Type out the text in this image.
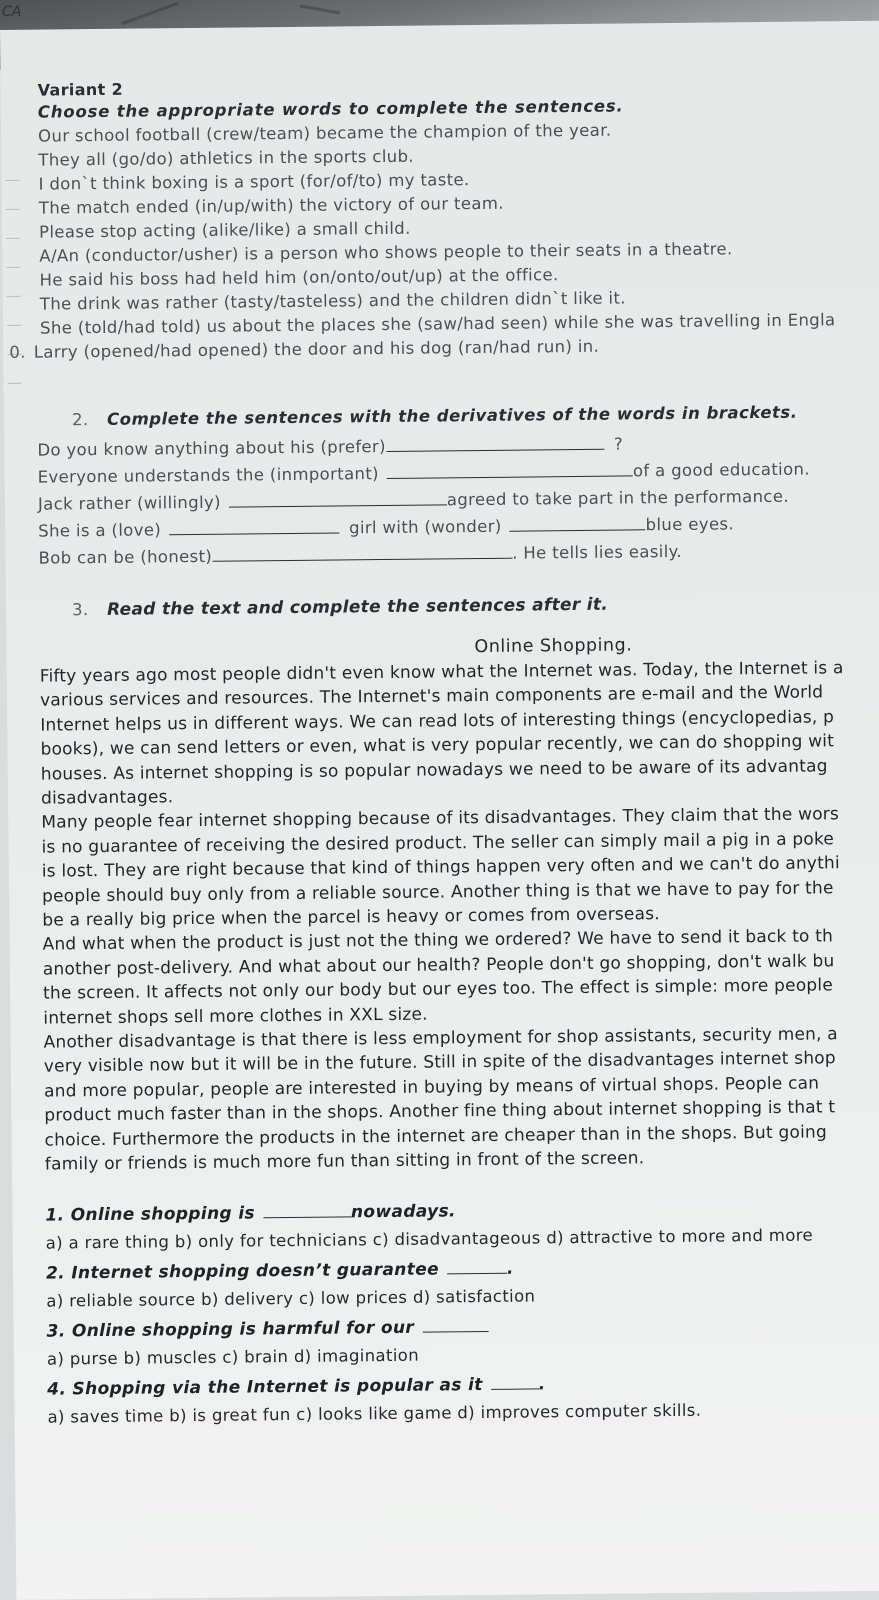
CA
Variant 2
Choose the appropriate words to complete the sentences.
Our school football (crew/team) became the champion of the year.
They all (go/do) athletics in the sports club.
I don`t think boxing is a sport (for/of/to) my taste.
The match ended (in/up/with) the victory of our team.
Please stop acting (alike/like) a small child.
A/An (conductor/usher) is a person who shows people to their seats in a theatre.
He said his boss had held him (on/onto/out/up) at the office.
The drink was rather (tasty/tasteless) and the children didn`t like it.
She (told/had told) us about the places she (saw/had seen) while she was travelling in Engla
0. Larry (opened/had opened) the door and his dog (ran/had run) in.
2. Complete the sentences with the derivatives of the words in brackets.
Do you know anything about his (prefer)	?
Everyone understands the (inmportant)	of a good education.
Jack rather (willingly)	agreed to take part in the performance.
She is a (love)	girl with (wonder)	blue eyes.
Bob can be (honest)	. He tells lies easily.
3. Read the text and complete the sentences after it.
Online Shopping.
Fifty years ago most people didn't even know what the Internet was. Today, the Internet is a
various services and resources. The Internet's main components are e-mail and the World
Internet helps us in different ways. We can read lots of interesting things (encyclopedias, p
books), we can send letters or even, what is very popular recently, we can do shopping wit
houses. As internet shopping is so popular nowadays we need to be aware of its advantag
disadvantages.
Many people fear internet shopping because of its disadvantages. They claim that the wors
is no guarantee of receiving the desired product. The seller can simply mail a pig in a poke
is lost. They are right because that kind of things happen very often and we can't do anythi
people should buy only from a reliable source. Another thing is that we have to pay for the
be a really big price when the parcel is heavy or comes from overseas.
And what when the product is just not the thing we ordered? We have to send it back to th
another post-delivery. And what about our health? People don't go shopping, don't walk bu
the screen. It affects not only our body but our eyes too. The effect is simple: more people
internet shops sell more clothes in XXL size.
Another disadvantage is that there is less employment for shop assistants, security men, a
very visible now but it will be in the future. Still in spite of the disadvantages internet shop
and more popular, people are interested in buying by means of virtual shops. People can
product much faster than in the shops. Another fine thing about internet shopping is that t
choice. Furthermore the products in the internet are cheaper than in the shops. But going
family or friends is much more fun than sitting in front of the screen.
1. Online shopping is	nowadays.
a) a rare thing b) only for technicians c) disadvantageous d) attractive to more and more
2. Internet shopping doesn’t guarantee	.
a) reliable source b) delivery c) low prices d) satisfaction
3. Online shopping is harmful for our
a) purse b) muscles c) brain d) imagination
4. Shopping via the Internet is popular as it	.
a) saves time b) is great fun c) looks like game d) improves computer skills.
